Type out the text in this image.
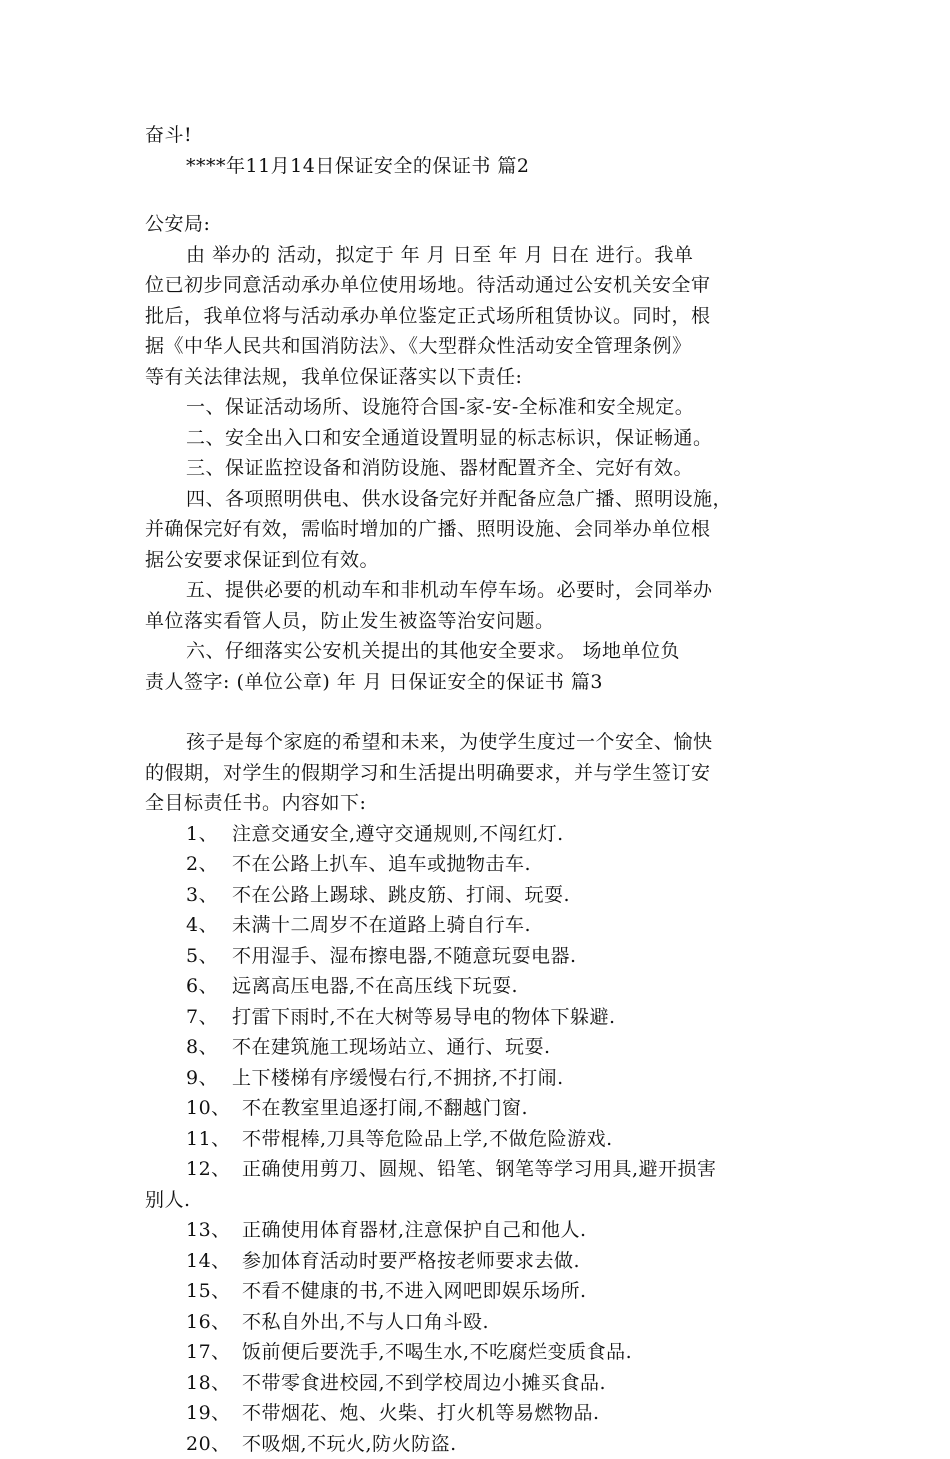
奋斗!
****年11月14日保证安全的保证书 篇2
公安局:
由 举办的 活动，拟定于 年 月 日至 年 月 日在 进行。我单
位已初步同意活动承办单位使用场地。待活动通过公安机关安全审
批后，我单位将与活动承办单位鉴定正式场所租赁协议。同时，根
据《中华人民共和国消防法》、《大型群众性活动安全管理条例》
等有关法律法规，我单位保证落实以下责任:
一、保证活动场所、设施符合国-家-安-全标准和安全规定。
二、安全出入口和安全通道设置明显的标志标识，保证畅通。
三、保证监控设备和消防设施、器材配置齐全、完好有效。
四、各项照明供电、供水设备完好并配备应急广播、照明设施，
并确保完好有效，需临时增加的广播、照明设施、会同举办单位根
据公安要求保证到位有效。
五、提供必要的机动车和非机动车停车场。必要时，会同举办
单位落实看管人员，防止发生被盗等治安问题。
六、仔细落实公安机关提出的其他安全要求。 场地单位负
责人签字: (单位公章) 年 月 日保证安全的保证书 篇3
孩子是每个家庭的希望和未来，为使学生度过一个安全、愉快
的假期，对学生的假期学习和生活提出明确要求，并与学生签订安
全目标责任书。内容如下:
1、 注意交通安全,遵守交通规则,不闯红灯.
2、 不在公路上扒车、追车或抛物击车.
3、 不在公路上踢球、跳皮筋、打闹、玩耍.
4、 未满十二周岁不在道路上骑自行车.
5、 不用湿手、湿布擦电器,不随意玩耍电器.
6、 远离高压电器,不在高压线下玩耍.
7、 打雷下雨时,不在大树等易导电的物体下躲避.
8、 不在建筑施工现场站立、通行、玩耍.
9、 上下楼梯有序缓慢右行,不拥挤,不打闹.
10、 不在教室里追逐打闹,不翻越门窗.
11、 不带棍棒,刀具等危险品上学,不做危险游戏.
12、 正确使用剪刀、圆规、铅笔、钢笔等学习用具,避开损害
别人.
13、 正确使用体育器材,注意保护自己和他人.
14、 参加体育活动时要严格按老师要求去做.
15、 不看不健康的书,不进入网吧即娱乐场所.
16、 不私自外出,不与人口角斗殴.
17、 饭前便后要洗手,不喝生水,不吃腐烂变质食品.
18、 不带零食进校园,不到学校周边小摊买食品.
19、 不带烟花、炮、火柴、打火机等易燃物品.
20、 不吸烟,不玩火,防火防盗.
